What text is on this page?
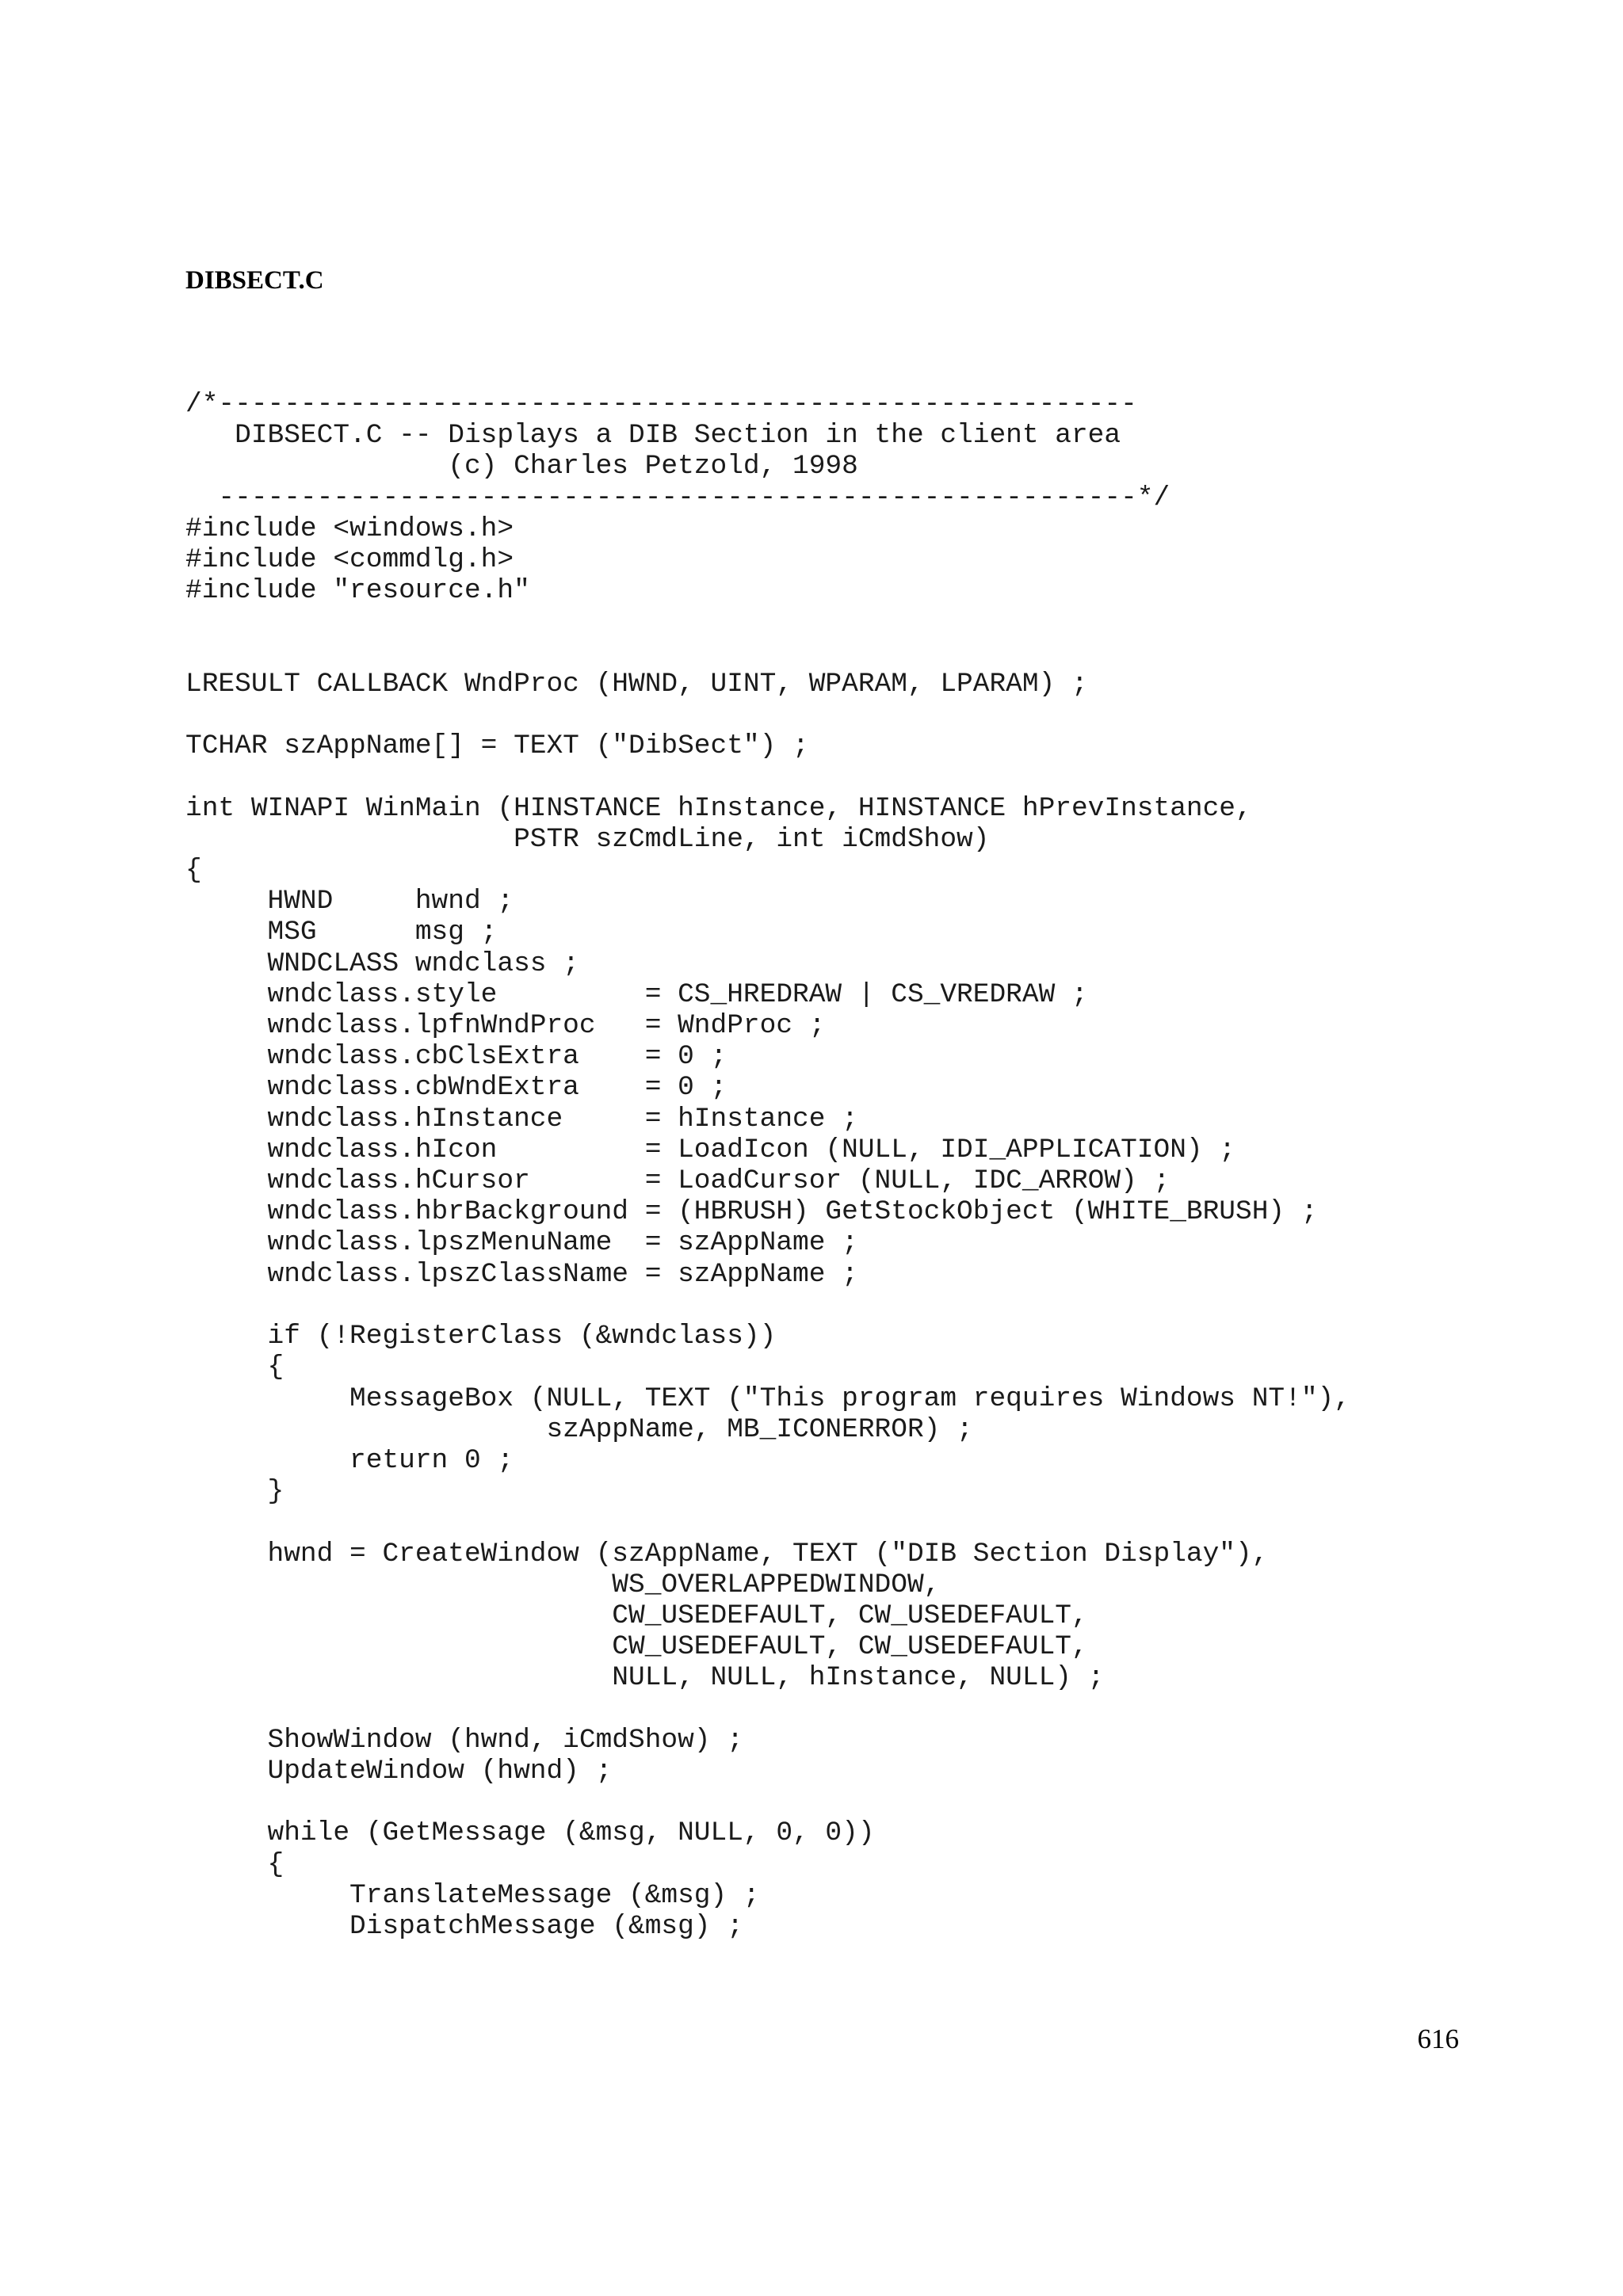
DIBSECT.C
/*--------------------------------------------------------
DIBSECT.C -- Displays a DIB Section in the client area
(c) Charles Petzold, 1998
--------------------------------------------------------*/
#include <windows.h>
#include <commdlg.h>
#include "resource.h"

LRESULT CALLBACK WndProc (HWND, UINT, WPARAM, LPARAM) ;

TCHAR szAppName[] = TEXT ("DibSect") ;

int WINAPI WinMain (HINSTANCE hInstance, HINSTANCE hPrevInstance,
PSTR szCmdLine, int iCmdShow)
{
HWND     hwnd ;
MSG      msg ;
WNDCLASS wndclass ;
wndclass.style         = CS_HREDRAW | CS_VREDRAW ;
wndclass.lpfnWndProc   = WndProc ;
wndclass.cbClsExtra    = 0 ;
wndclass.cbWndExtra    = 0 ;
wndclass.hInstance     = hInstance ;
wndclass.hIcon         = LoadIcon (NULL, IDI_APPLICATION) ;
wndclass.hCursor       = LoadCursor (NULL, IDC_ARROW) ;
wndclass.hbrBackground = (HBRUSH) GetStockObject (WHITE_BRUSH) ;
wndclass.lpszMenuName  = szAppName ;
wndclass.lpszClassName = szAppName ;

if (!RegisterClass (&wndclass))
{
MessageBox (NULL, TEXT ("This program requires Windows NT!"),
szAppName, MB_ICONERROR) ;
return 0 ;
}

hwnd = CreateWindow (szAppName, TEXT ("DIB Section Display"),
WS_OVERLAPPEDWINDOW,
CW_USEDEFAULT, CW_USEDEFAULT,
CW_USEDEFAULT, CW_USEDEFAULT,
NULL, NULL, hInstance, NULL) ;

ShowWindow (hwnd, iCmdShow) ;
UpdateWindow (hwnd) ;

while (GetMessage (&msg, NULL, 0, 0))
{
TranslateMessage (&msg) ;
DispatchMessage (&msg) ;
616
